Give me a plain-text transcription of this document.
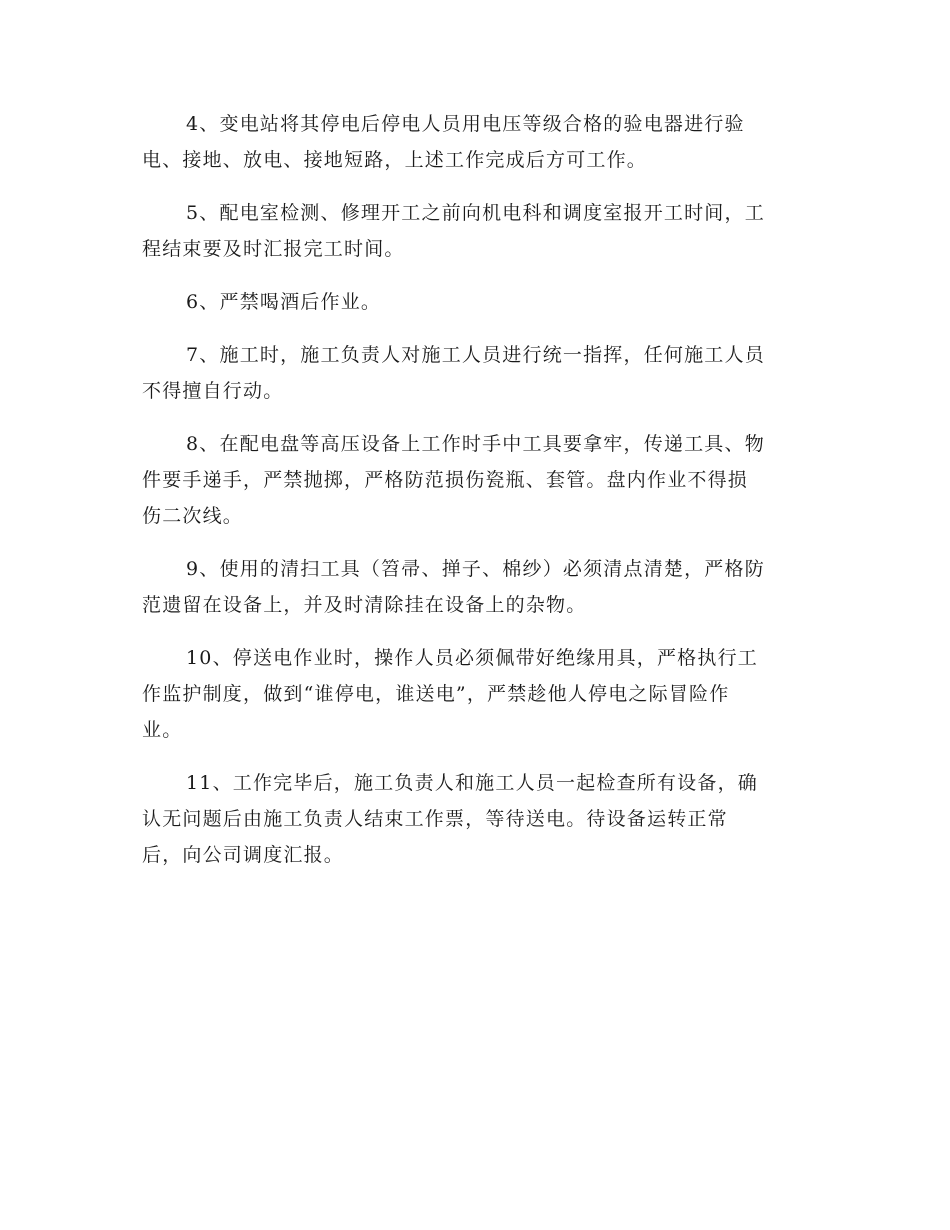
4、变电站将其停电后停电人员用电压等级合格的验电器进行验
电、接地、放电、接地短路，上述工作完成后方可工作。

5、配电室检测、修理开工之前向机电科和调度室报开工时间，工
程结束要及时汇报完工时间。

6、严禁喝酒后作业。

7、施工时，施工负责人对施工人员进行统一指挥，任何施工人员
不得擅自行动。

8、在配电盘等高压设备上工作时手中工具要拿牢，传递工具、物
件要手递手，严禁抛掷，严格防范损伤瓷瓶、套管。盘内作业不得损
伤二次线。

9、使用的清扫工具（笤帚、掸子、棉纱）必须清点清楚，严格防
范遗留在设备上，并及时清除挂在设备上的杂物。

10、停送电作业时，操作人员必须佩带好绝缘用具，严格执行工
作监护制度，做到“谁停电，谁送电”，严禁趁他人停电之际冒险作
业。

11、工作完毕后，施工负责人和施工人员一起检查所有设备，确
认无问题后由施工负责人结束工作票，等待送电。待设备运转正常
后，向公司调度汇报。
